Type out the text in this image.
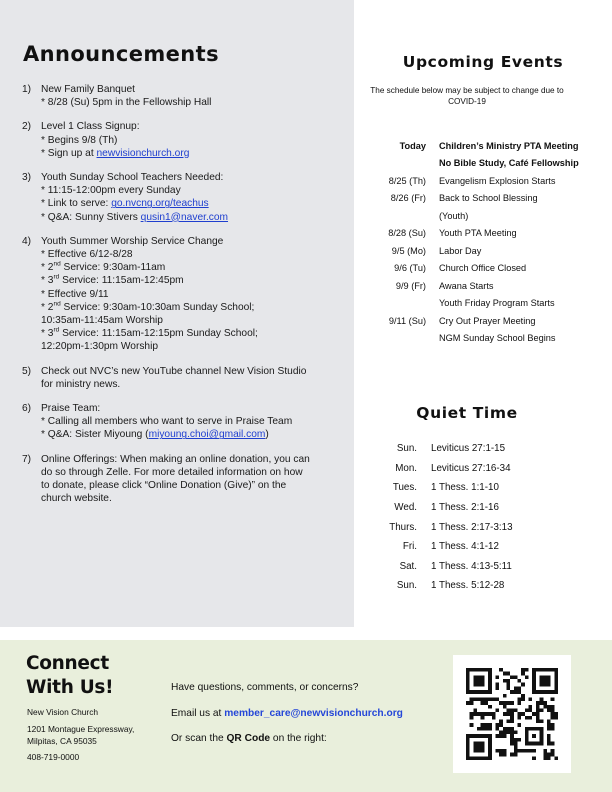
Announcements
1) New Family Banquet
* 8/28 (Su) 5pm in the Fellowship Hall
2) Level 1 Class Signup:
* Begins 9/8 (Th)
* Sign up at newvisionchurch.org
3) Youth Sunday School Teachers Needed:
* 11:15-12:00pm every Sunday
* Link to serve: go.nvcng.org/teachus
* Q&A: Sunny Stivers qusin1@naver.com
4) Youth Summer Worship Service Change
* Effective 6/12-8/28
* 2nd Service: 9:30am-11am
* 3rd Service: 11:15am-12:45pm
* Effective 9/11
* 2nd Service: 9:30am-10:30am Sunday School;
10:35am-11:45am Worship
* 3rd Service: 11:15am-12:15pm Sunday School;
12:20pm-1:30pm Worship
5) Check out NVC’s new YouTube channel New Vision Studio
for ministry news.
6) Praise Team:
* Calling all members who want to serve in Praise Team
* Q&A: Sister Miyoung (miyoung.choi@gmail.com)
7) Online Offerings: When making an online donation, you can
do so through Zelle. For more detailed information on how
to donate, please click “Online Donation (Give)” on the
church website.
Upcoming Events
The schedule below may be subject to change due to
COVID-19
Today Children’s Ministry PTA Meeting
No Bible Study, Café Fellowship
8/25 (Th) Evangelism Explosion Starts
8/26 (Fr) Back to School Blessing
(Youth)
8/28 (Su) Youth PTA Meeting
9/5 (Mo) Labor Day
9/6 (Tu) Church Office Closed
9/9 (Fr) Awana Starts
Youth Friday Program Starts
9/11 (Su) Cry Out Prayer Meeting
NGM Sunday School Begins
Quiet Time
Sun. Leviticus 27:1-15
Mon. Leviticus 27:16-34
Tues. 1 Thess. 1:1-10
Wed. 1 Thess. 2:1-16
Thurs. 1 Thess. 2:17-3:13
Fri. 1 Thess. 4:1-12
Sat. 1 Thess. 4:13-5:11
Sun. 1 Thess. 5:12-28
Connect
With Us!
New Vision Church
1201 Montague Expressway,
Milpitas, CA 95035
408-719-0000
Have questions, comments, or concerns?
Email us at member_care@newvisionchurch.org
Or scan the QR Code on the right:
